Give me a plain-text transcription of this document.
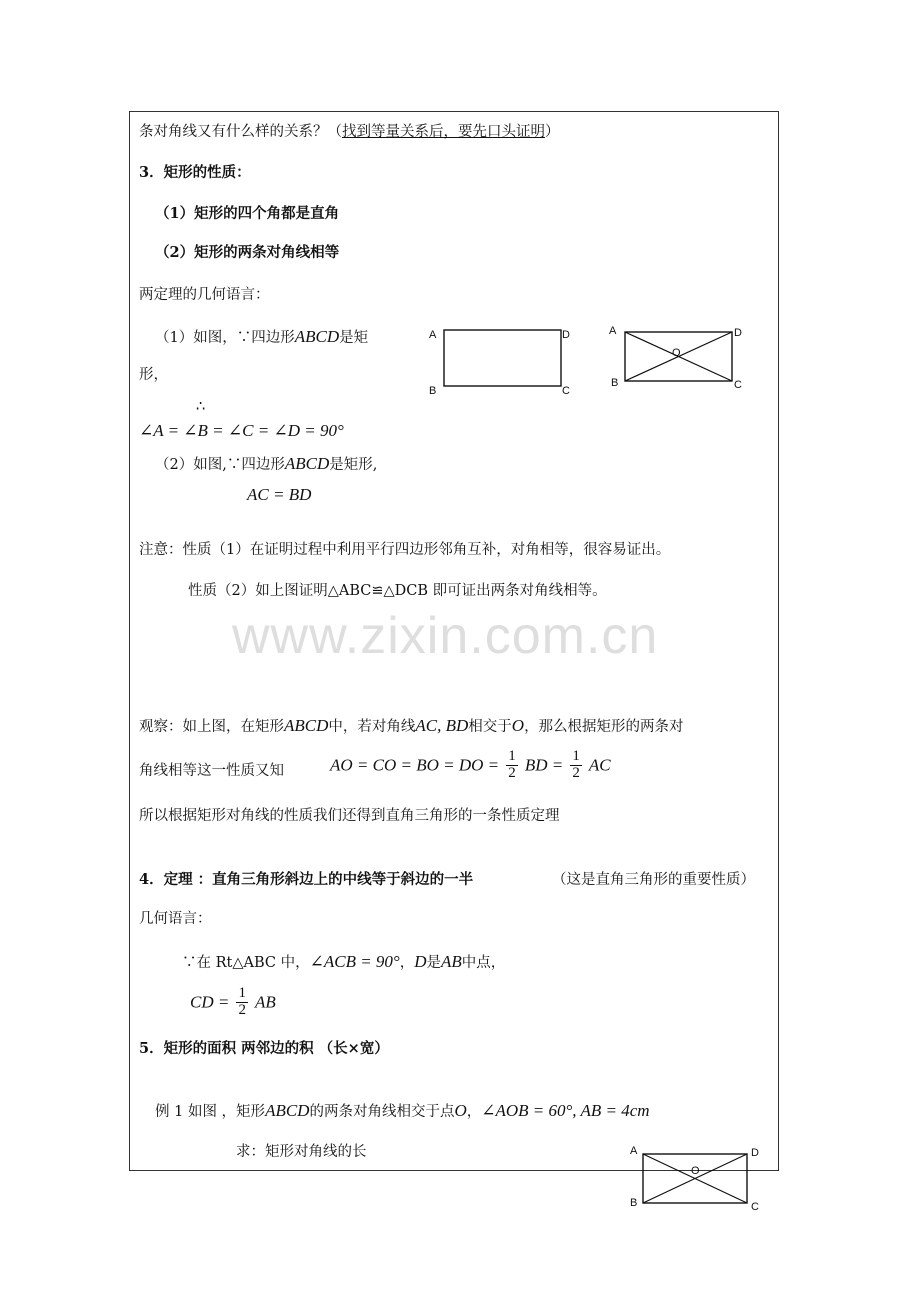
www.zixin.com.cn
条对角线又有什么样的关系？（找到等量关系后，要先口头证明）
3．矩形的性质：
（1）矩形的四个角都是直角
（2）矩形的两条对角线相等
两定理的几何语言：
（1）如图，∵四边形ABCD是矩
形，
∴
∠A = ∠B = ∠C = ∠D = 90°
（2）如图,∵四边形ABCD是矩形,
AC = BD
A
B	C
D	A
B	C
D
O
注意：性质（1）在证明过程中利用平行四边形邻角互补，对角相等，很容易证出。
性质（2）如上图证明△ABC≌△DCB 即可证出两条对角线相等。
观察：如上图，在矩形ABCD中，若对角线AC, BD相交于O，那么根据矩形的两条对
角线相等这一性质又知	AO = CO = BO = DO = $\frac{1}{2}$ BD = $\frac{1}{2}$ AC
所以根据矩形对角线的性质我们还得到直角三角形的一条性质定理
4．定理 ：直角三角形斜边上的中线等于斜边的一半	（这是直角三角形的重要性质）
几何语言：
∵在 Rt△ABC 中，∠ACB = 90°，D是AB中点，
CD = $\frac{1}{2}$ AB
5．矩形的面积 两邻边的积 （长×宽）
例 1 如图 ，矩形ABCD的两条对角线相交于点O，∠AOB = 60°, AB = 4cm
求：矩形对角线的长	A
B	C
D
O
